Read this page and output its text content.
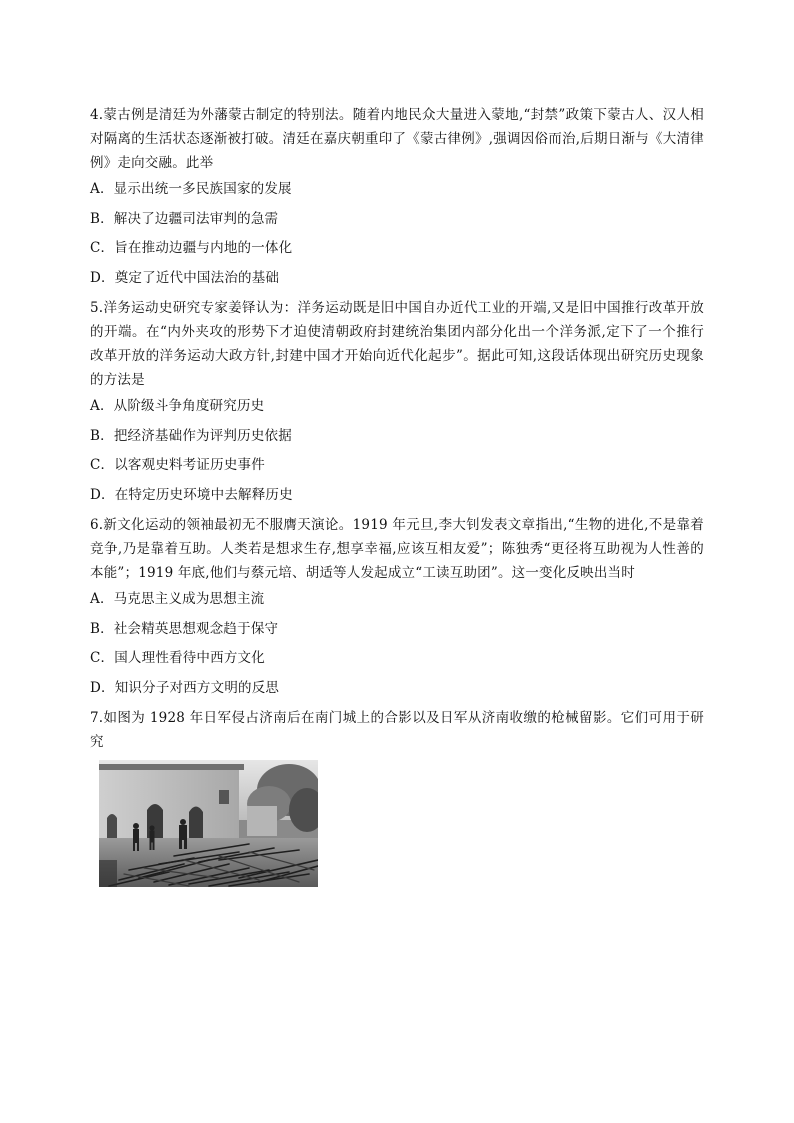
4.蒙古例是清廷为外藩蒙古制定的特别法。随着内地民众大量进入蒙地,“封禁”政策下蒙古人、汉人相对隔离的生活状态逐渐被打破。清廷在嘉庆朝重印了《蒙古律例》,强调因俗而治,后期日渐与《大清律例》走向交融。此举

A．显示出统一多民族国家的发展
B．解决了边疆司法审判的急需
C．旨在推动边疆与内地的一体化
D．奠定了近代中国法治的基础

5.洋务运动史研究专家姜铎认为：洋务运动既是旧中国自办近代工业的开端,又是旧中国推行改革开放的开端。在“内外夹攻的形势下才迫使清朝政府封建统治集团内部分化出一个洋务派,定下了一个推行改革开放的洋务运动大政方针,封建中国才开始向近代化起步”。据此可知,这段话体现出研究历史现象的方法是

A．从阶级斗争角度研究历史
B．把经济基础作为评判历史依据
C．以客观史料考证历史事件
D．在特定历史环境中去解释历史

6.新文化运动的领袖最初无不服膺天演论。1919 年元旦,李大钊发表文章指出,“生物的进化,不是靠着竞争,乃是靠着互助。人类若是想求生存,想享幸福,应该互相友爱”；陈独秀“更径将互助视为人性善的本能”；1919 年底,他们与蔡元培、胡适等人发起成立“工读互助团”。这一变化反映出当时

A．马克思主义成为思想主流
B．社会精英思想观念趋于保守
C．国人理性看待中西方文化
D．知识分子对西方文明的反思

7.如图为 1928 年日军侵占济南后在南门城上的合影以及日军从济南收缴的枪械留影。它们可用于研究
